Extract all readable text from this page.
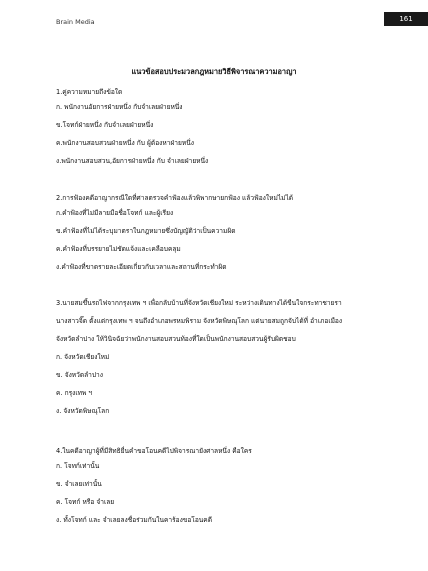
Brain Media	161
แนวข้อสอบประมวลกฎหมายวิธีพิจารณาความอาญา

1.คู่ความหมายถึงข้อใด

ก. พนักงานอัยการฝ่ายหนึ่ง กับจำเลยฝ่ายหนึ่ง

ข.โจทก์ฝ่ายหนึ่ง กับจำเลยฝ่ายหนึ่ง

ค.พนักงานสอบสวนฝ่ายหนึ่ง กับ ผู้ต้องหาฝ่ายหนึ่ง

ง.พนักงานสอบสวน,อัยการฝ่ายหนึ่ง กับ จำเลยฝ่ายหนึ่ง

2.การฟ้องคดีอาญากรณีใดที่ศาลตรวจคำฟ้องแล้วพิพากษายกฟ้อง แล้วฟ้องใหม่ไม่ได้

ก.คำฟ้องที่ไม่มีลายมือชื่อโจทก์ และผู้เรียง

ข.คำฟ้องที่ไม่ได้ระบุมาตราในกฎหมายซึ่งบัญญัติว่าเป็นความผิด

ค.คำฟ้องที่บรรยายไม่ชัดแจ้งและเคลือบคลุม

ง.คำฟ้องที่ขาดรายละเอียดเกี่ยวกับเวลาและสถานที่กระทำผิด

3.นายสมขึ้นรถไฟจากกรุงเทพ ฯ เพื่อกลับบ้านที่จังหวัดเชียงใหม่ ระหว่างเดินทางได้ขืนใจกระทาชายรา

นางสาวจิ๊ด ตั้งแต่กรุงเทพ ฯ จนถึงอำเภอพรหมพิราม จังหวัดพิษณุโลก แต่นายสมถูกจับได้ที่ อำเภอเมือง

จังหวัดลำปาง ให้วินิจฉัยว่าพนักงานสอบสวนท้องที่ใดเป็นพนักงานสอบสวนผู้รับผิดชอบ

ก. จังหวัดเชียงใหม่

ข. จังหวัดลำปาง

ค. กรุงเทพ ฯ

ง. จังหวัดพิษณุโลก

4.ในคดีอาญาผู้ที่มีสิทธิยื่นคำขอโอนคดีไปพิจารณายังศาลหนึ่ง คือใคร

ก. โจทก์เท่านั้น

ข. จำเลยเท่านั้น

ค. โจทก์ หรือ จำเลย

ง. ทั้งโจทก์ และ จำเลยลงชื่อร่วมกันในคาร้องขอโอนคดี
